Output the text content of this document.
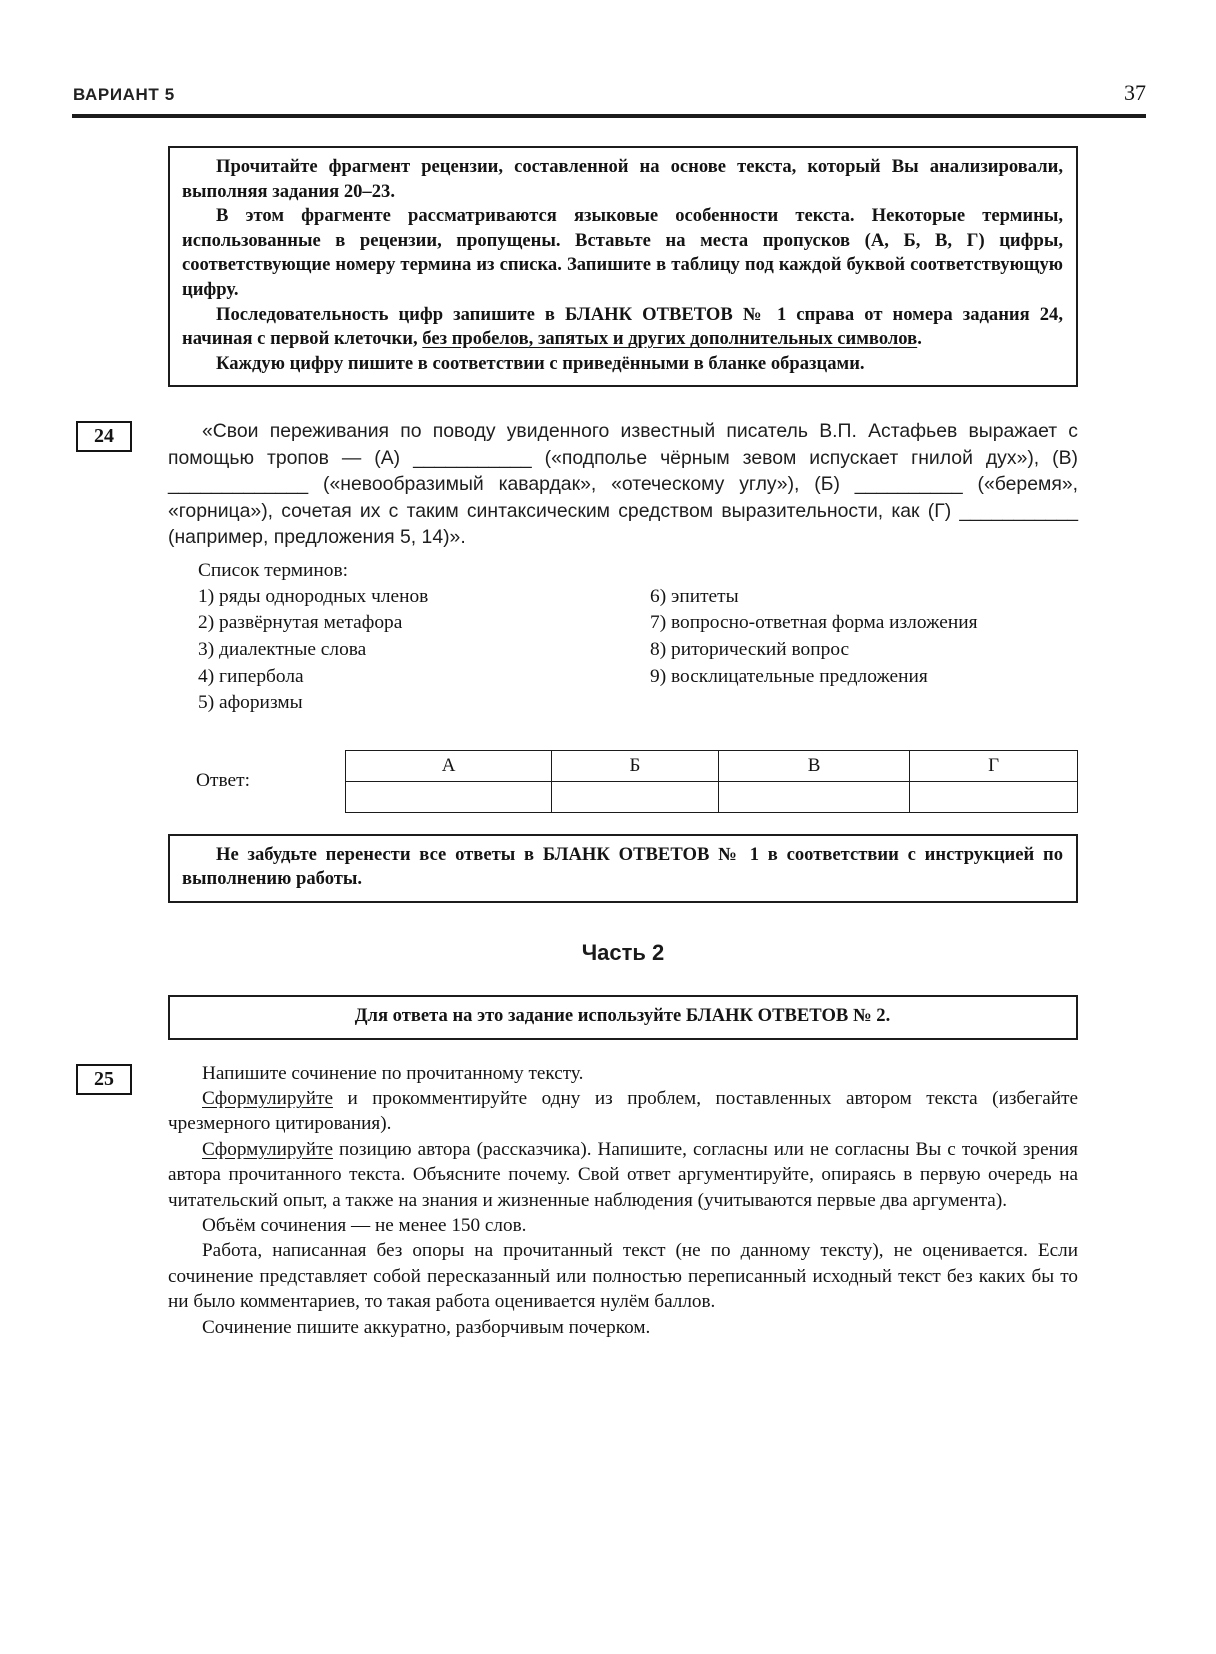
ВАРИАНТ 5	37

Прочитайте фрагмент рецензии, составленной на основе текста, который Вы анализировали, выполняя задания 20–23.

В этом фрагменте рассматриваются языковые особенности текста. Некоторые термины, использованные в рецензии, пропущены. Вставьте на места пропусков (А, Б, В, Г) цифры, соответствующие номеру термина из списка. Запишите в таблицу под каждой буквой соответствующую цифру.

Последовательность цифр запишите в БЛАНК ОТВЕТОВ № 1 справа от номера задания 24, начиная с первой клеточки, без пробелов, запятых и других дополнительных символов.

Каждую цифру пишите в соответствии с приведёнными в бланке образцами.

24	«Свои переживания по поводу увиденного известный писатель В.П. Астафьев выражает с помощью тропов — (А) ___________ («подполье чёрным зевом испускает гнилой дух»), (В) _____________ («невообразимый кавардак», «отеческому углу»), (Б) __________ («беремя», «горница»), сочетая их с таким синтаксическим средством выразительности, как (Г) ___________ (например, предложения 5, 14)».

Список терминов:
1) ряды однородных членов
2) развёрнутая метафора
3) диалектные слова
4) гипербола
5) афоризмы
6) эпитеты
7) вопросно-ответная форма изложения
8) риторический вопрос
9) восклицательные предложения
Ответ:
А	Б	В	Г

Не забудьте перенести все ответы в БЛАНК ОТВЕТОВ № 1 в соответствии с инструкцией по выполнению работы.

Часть 2

Для ответа на это задание используйте БЛАНК ОТВЕТОВ № 2.

25	Напишите сочинение по прочитанному тексту.

Сформулируйте и прокомментируйте одну из проблем, поставленных автором текста (избегайте чрезмерного цитирования).

Сформулируйте позицию автора (рассказчика). Напишите, согласны или не согласны Вы с точкой зрения автора прочитанного текста. Объясните почему. Свой ответ аргументируйте, опираясь в первую очередь на читательский опыт, а также на знания и жизненные наблюдения (учитываются первые два аргумента).

Объём сочинения — не менее 150 слов.

Работа, написанная без опоры на прочитанный текст (не по данному тексту), не оценивается. Если сочинение представляет собой пересказанный или полностью переписанный исходный текст без каких бы то ни было комментариев, то такая работа оценивается нулём баллов.

Сочинение пишите аккуратно, разборчивым почерком.
